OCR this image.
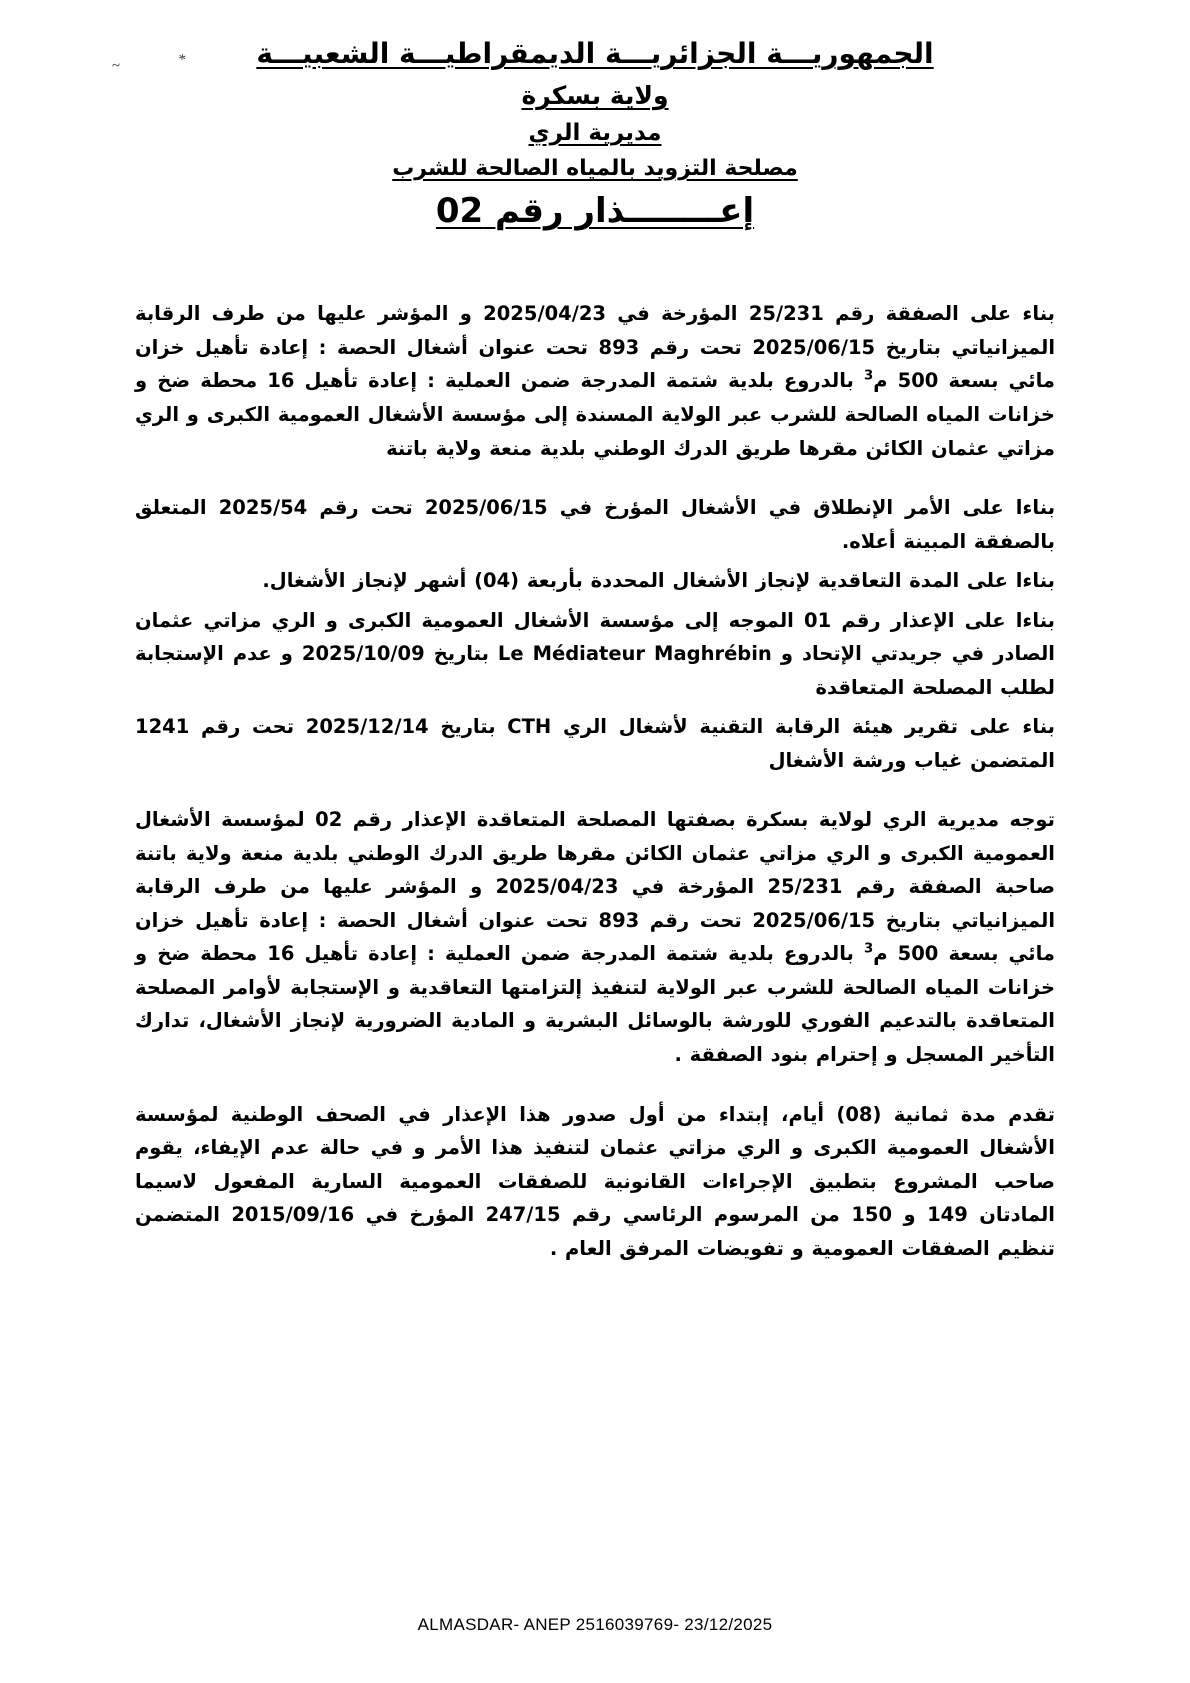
*
~	الجمهوريـــة الجزائريـــة الديمقراطيـــة الشعبيـــة
ولاية بسكرة
مديرية الري
مصلحة التزويد بالمياه الصالحة للشرب
إعــــــــذار رقم 02

بناء على الصفقة رقم 25/231 المؤرخة في 2025/04/23 و المؤشر عليها من طرف الرقابة الميزانياتي بتاريخ 2025/06/15 تحت رقم 893 تحت عنوان أشغال الحصة : إعادة تأهيل خزان مائي بسعة 500 م$^3$ بالدروع بلدية شتمة المدرجة ضمن العملية : إعادة تأهيل 16 محطة ضخ و خزانات المياه الصالحة للشرب عبر الولاية المسندة إلى مؤسسة الأشغال العمومية الكبرى و الري مزاتي عثمان الكائن مقرها طريق الدرك الوطني بلدية منعة ولاية باتنة

بناءا على الأمر الإنطلاق في الأشغال المؤرخ في 2025/06/15 تحت رقم 2025/54 المتعلق بالصفقة المبينة أعلاه.

بناءا على المدة التعاقدية لإنجاز الأشغال المحددة بأربعة (04) أشهر لإنجاز الأشغال.

بناءا على الإعذار رقم 01 الموجه إلى مؤسسة الأشغال العمومية الكبرى و الري مزاتي عثمان الصادر في جريدتي الإتحاد و Le Médiateur Maghrébin بتاريخ 2025/10/09 و عدم الإستجابة لطلب المصلحة المتعاقدة

بناء على تقرير هيئة الرقابة التقنية لأشغال الري CTH بتاريخ 2025/12/14 تحت رقم 1241 المتضمن غياب ورشة الأشغال

توجه مديرية الري لولاية بسكرة بصفتها المصلحة المتعاقدة الإعذار رقم 02 لمؤسسة الأشغال العمومية الكبرى و الري مزاتي عثمان الكائن مقرها طريق الدرك الوطني بلدية منعة ولاية باتنة صاحبة الصفقة رقم 25/231 المؤرخة في 2025/04/23 و المؤشر عليها من طرف الرقابة الميزانياتي بتاريخ 2025/06/15 تحت رقم 893 تحت عنوان أشغال الحصة : إعادة تأهيل خزان مائي بسعة 500 م$^3$ بالدروع بلدية شتمة المدرجة ضمن العملية : إعادة تأهيل 16 محطة ضخ و خزانات المياه الصالحة للشرب عبر الولاية لتنفيذ إلتزامتها التعاقدية و الإستجابة لأوامر المصلحة المتعاقدة بالتدعيم الفوري للورشة بالوسائل البشرية و المادية الضرورية لإنجاز الأشغال، تدارك التأخير المسجل و إحترام بنود الصفقة .

تقدم مدة ثمانية (08) أيام، إبتداء من أول صدور هذا الإعذار في الصحف الوطنية لمؤسسة الأشغال العمومية الكبرى و الري مزاتي عثمان لتنفيذ هذا الأمر و في حالة عدم الإيفاء، يقوم صاحب المشروع بتطبيق الإجراءات القانونية للصفقات العمومية السارية المفعول لاسيما المادتان 149 و 150 من المرسوم الرئاسي رقم 247/15 المؤرخ في 2015/09/16 المتضمن تنظيم الصفقات العمومية و تفويضات المرفق العام .

ALMASDAR- ANEP 2516039769- 23/12/2025
